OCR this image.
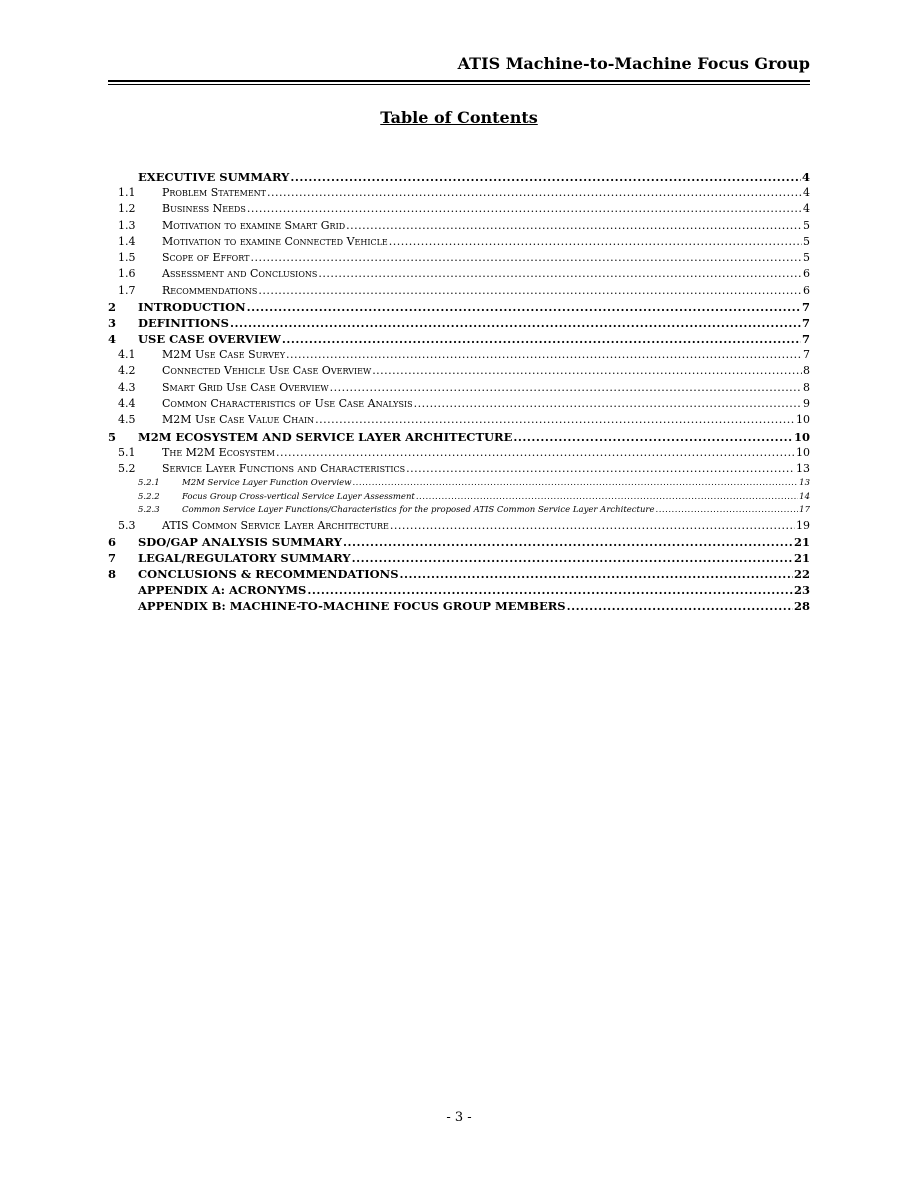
ATIS Machine-to-Machine Focus Group
Table of Contents
EXECUTIVE SUMMARY .....	4
1.1	Problem Statement .....	4
1.2	Business Needs .....	4
1.3	Motivation to examine Smart Grid .....	5
1.4	Motivation to examine Connected Vehicle .....	5
1.5	Scope of Effort .....	5
1.6	Assessment and Conclusions .....	6
1.7	Recommendations .....	6
2	INTRODUCTION .....	7
3	DEFINITIONS .....	7
4	USE CASE OVERVIEW .....	7
4.1	M2M Use Case Survey .....	7
4.2	Connected Vehicle Use Case Overview .....	8
4.3	Smart Grid Use Case Overview .....	8
4.4	Common Characteristics of Use Case Analysis .....	9
4.5	M2M Use Case Value Chain .....	10
5	M2M ECOSYSTEM AND SERVICE LAYER ARCHITECTURE .....	10
5.1	The M2M Ecosystem .....	10
5.2	Service Layer Functions and Characteristics .....	13
5.2.1	M2M Service Layer Function Overview .....	13
5.2.2	Focus Group Cross-vertical Service Layer Assessment .....	14
5.2.3	Common Service Layer Functions/Characteristics for the proposed ATIS Common Service Layer Architecture .....	17
5.3	ATIS Common Service Layer Architecture .....	19
6	SDO/GAP ANALYSIS SUMMARY .....	21
7	LEGAL/REGULATORY SUMMARY .....	21
8	CONCLUSIONS & RECOMMENDATIONS .....	22
APPENDIX A: ACRONYMS .....	23
APPENDIX B: MACHINE-TO-MACHINE FOCUS GROUP MEMBERS .....	28
- 3 -
